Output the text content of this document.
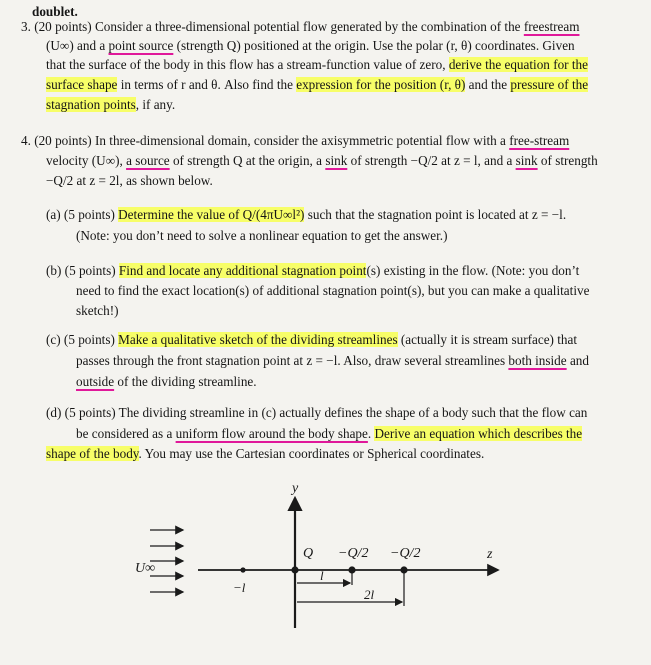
doublet.
3. (20 points) Consider a three-dimensional potential flow generated by the combination of the freestream
(U∞) and a point source (strength Q) positioned at the origin. Use the polar (r, θ) coordinates. Given
that the surface of the body in this flow has a stream-function value of zero, derive the equation for the
surface shape in terms of r and θ. Also find the expression for the position (r, θ) and the pressure of the
stagnation points, if any.
4. (20 points) In three-dimensional domain, consider the axisymmetric potential flow with a free-stream
velocity (U∞), a source of strength Q at the origin, a sink of strength −Q/2 at z = l, and a sink of strength
−Q/2 at z = 2l, as shown below.
(a) (5 points) Determine the value of Q/(4πU∞l²) such that the stagnation point is located at z = −l.
(Note: you don’t need to solve a nonlinear equation to get the answer.)
(b) (5 points) Find and locate any additional stagnation point(s) existing in the flow. (Note: you don’t
need to find the exact location(s) of additional stagnation point(s), but you can make a qualitative
sketch!)
(c) (5 points) Make a qualitative sketch of the dividing streamlines (actually it is stream surface) that
passes through the front stagnation point at z = −l. Also, draw several streamlines both inside and
outside of the dividing streamline.
(d) (5 points) The dividing streamline in (c) actually defines the shape of a body such that the flow can
be considered as a uniform flow around the body shape. Derive an equation which describes the
shape of the body. You may use the Cartesian coordinates or Spherical coordinates.
y
z
U∞
Q −Q/2 −Q/2
−l
l
2l
